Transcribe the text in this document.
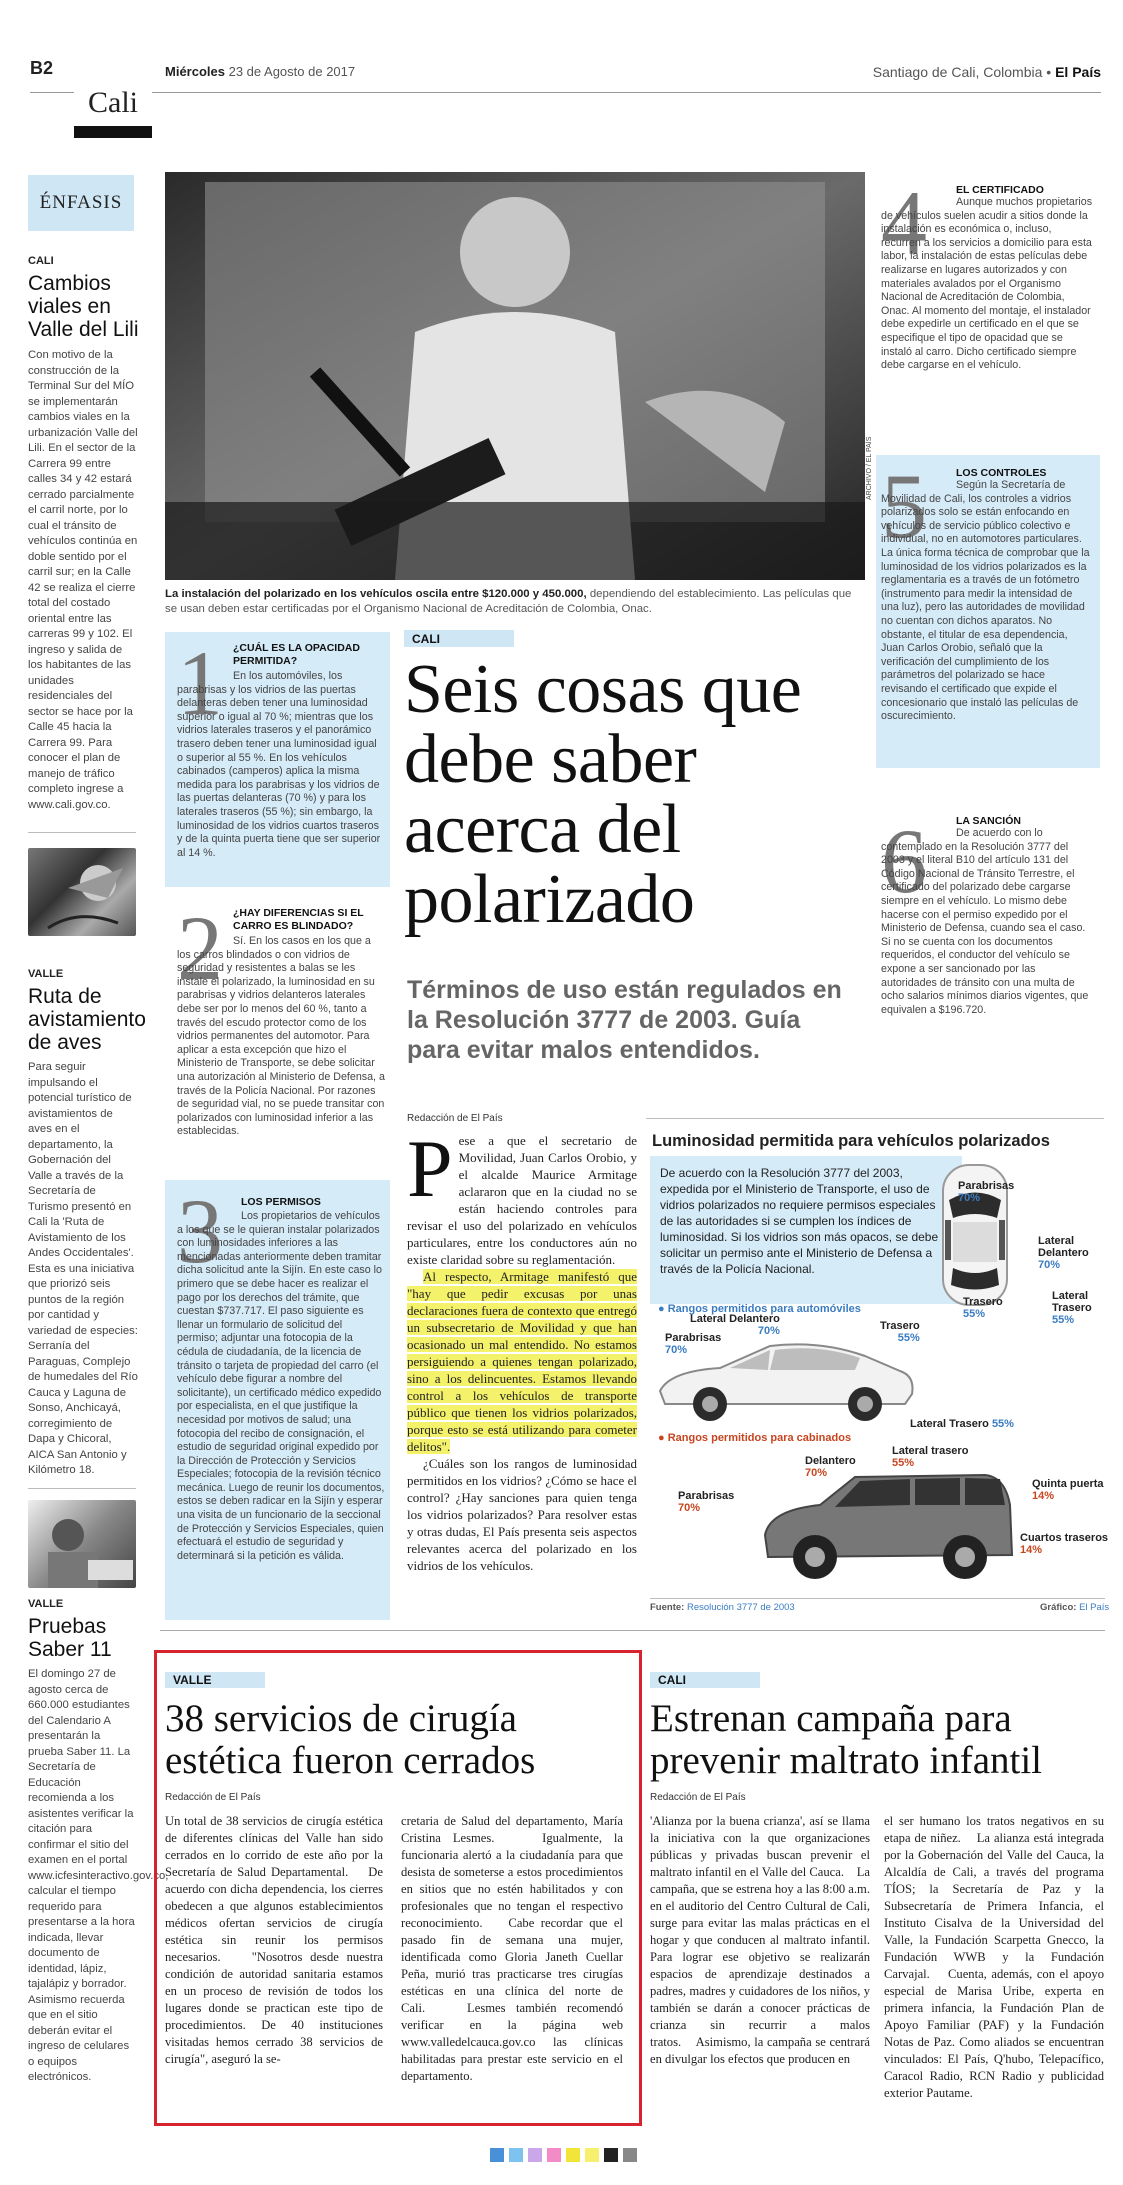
B2	Miércoles 23 de Agosto de 2017	Santiago de Cali, Colombia • El País
Cali
ÉNFASIS
CALI
Cambios viales en Valle del Lili
Con motivo de la construcción de la Terminal Sur del MÍO se implementarán cambios viales en la urbanización Valle del Lili. En el sector de la Carrera 99 entre calles 34 y 42 estará cerrado parcialmente el carril norte, por lo cual el tránsito de vehículos continúa en doble sentido por el carril sur; en la Calle 42 se realiza el cierre total del costado oriental entre las carreras 99 y 102. El ingreso y salida de los habitantes de las unidades residenciales del sector se hace por la Calle 45 hacia la Carrera 99. Para conocer el plan de manejo de tráfico completo ingrese a www.cali.gov.co.
VALLE
Ruta de avistamiento de aves
Para seguir impulsando el potencial turístico de avistamientos de aves en el departamento, la Gobernación del Valle a través de la Secretaría de Turismo presentó en Cali la 'Ruta de Avistamiento de los Andes Occidentales'. Esta es una iniciativa que priorizó seis puntos de la región por cantidad y variedad de especies: Serranía del Paraguas, Complejo de humedales del Río Cauca y Laguna de Sonso, Anchicayá, corregimiento de Dapa y Chicoral, AICA San Antonio y Kilómetro 18.
VALLE
Pruebas Saber 11
El domingo 27 de agosto cerca de 660.000 estudiantes del Calendario A presentarán la prueba Saber 11. La Secretaría de Educación recomienda a los asistentes verificar la citación para confirmar el sitio del examen en el portal www.icfesinteractivo.gov.co, calcular el tiempo requerido para presentarse a la hora indicada, llevar documento de identidad, lápiz, tajalápiz y borrador. Asimismo recuerda que en el sitio deberán evitar el ingreso de celulares o equipos electrónicos.
ARCHIVO / EL PAÍS
La instalación del polarizado en los vehículos oscila entre $120.000 y 450.000, dependiendo del establecimiento. Las películas que se usan deben estar certificadas por el Organismo Nacional de Acreditación de Colombia, Onac.
1 ¿CUÁL ES LA OPACIDAD PERMITIDA?
En los automóviles, los parabrisas y los vidrios de las puertas delanteras deben tener una luminosidad superior o igual al 70 %; mientras que los vidrios laterales traseros y el panorámico trasero deben tener una luminosidad igual o superior al 55 %. En los vehículos cabinados (camperos) aplica la misma medida para los parabrisas y los vidrios de las puertas delanteras (70 %) y para los laterales traseros (55 %); sin embargo, la luminosidad de los vidrios cuartos traseros y de la quinta puerta tiene que ser superior al 14 %.
2 ¿HAY DIFERENCIAS SI EL CARRO ES BLINDADO?
Sí. En los casos en los que a los carros blindados o con vidrios de seguridad y resistentes a balas se les instale el polarizado, la luminosidad en su parabrisas y vidrios delanteros laterales debe ser por lo menos del 60 %, tanto a través del escudo protector como de los vidrios permanentes del automotor. Para aplicar a esta excepción que hizo el Ministerio de Transporte, se debe solicitar una autorización al Ministerio de Defensa, a través de la Policía Nacional. Por razones de seguridad vial, no se puede transitar con polarizados con luminosidad inferior a las establecidas.
3 LOS PERMISOS
Los propietarios de vehículos a los que se le quieran instalar polarizados con luminosidades inferiores a las mencionadas anteriormente deben tramitar dicha solicitud ante la Sijín. En este caso lo primero que se debe hacer es realizar el pago por los derechos del trámite, que cuestan $737.717. El paso siguiente es llenar un formulario de solicitud del permiso; adjuntar una fotocopia de la cédula de ciudadanía, de la licencia de tránsito o tarjeta de propiedad del carro (el vehículo debe figurar a nombre del solicitante), un certificado médico expedido por especialista, en el que justifique la necesidad por motivos de salud; una fotocopia del recibo de consignación, el estudio de seguridad original expedido por la Dirección de Protección y Servicios Especiales; fotocopia de la revisión técnico mecánica. Luego de reunir los documentos, estos se deben radicar en la Sijín y esperar una visita de un funcionario de la seccional de Protección y Servicios Especiales, quien efectuará el estudio de seguridad y determinará si la petición es válida.
4	EL CERTIFICADO
Aunque muchos propietarios de vehículos suelen acudir a sitios donde la instalación es económica o, incluso, recurren a los servicios a domicilio para esta labor, la instalación de estas películas debe realizarse en lugares autorizados y con materiales avalados por el Organismo Nacional de Acreditación de Colombia, Onac. Al momento del montaje, el instalador debe expedirle un certificado en el que se especifique el tipo de opacidad que se instaló al carro. Dicho certificado siempre debe cargarse en el vehículo.
5	LOS CONTROLES
Según la Secretaría de Movilidad de Cali, los controles a vidrios polarizados solo se están enfocando en vehículos de servicio público colectivo e individual, no en automotores particulares. La única forma técnica de comprobar que la luminosidad de los vidrios polarizados es la reglamentaria es a través de un fotómetro (instrumento para medir la intensidad de una luz), pero las autoridades de movilidad no cuentan con dichos aparatos. No obstante, el titular de esa dependencia, Juan Carlos Orobio, señaló que la verificación del cumplimiento de los parámetros del polarizado se hace revisando el certificado que expide el concesionario que instaló las películas de oscurecimiento.
6	LA SANCIÓN
De acuerdo con lo contemplado en la Resolución 3777 del 2003 y el literal B10 del artículo 131 del Código Nacional de Tránsito Terrestre, el certificado del polarizado debe cargarse siempre en el vehículo. Lo mismo debe hacerse con el permiso expedido por el Ministerio de Defensa, cuando sea el caso. Si no se cuenta con los documentos requeridos, el conductor del vehículo se expone a ser sancionado por las autoridades de tránsito con una multa de ocho salarios mínimos diarios vigentes, que equivalen a $196.720.
CALI
Seis cosas que debe saber acerca del polarizado
Términos de uso están regulados en la Resolución 3777 de 2003. Guía para evitar malos entendidos.
Redacción de El País
P ese a que el secretario de Movilidad, Juan Carlos Orobio, y el alcalde Maurice Armitage aclararon que en la ciudad no se están haciendo controles para revisar el uso del polarizado en vehículos particulares, entre los conductores aún no existe claridad sobre su reglamentación.
Al respecto, Armitage manifestó que "hay que pedir excusas por unas declaraciones fuera de contexto que entregó un subsecretario de Movilidad y que han ocasionado un mal entendido. No estamos persiguiendo a quienes tengan polarizado, sino a los delincuentes. Estamos llevando control a los vehículos de transporte público que tienen los vidrios polarizados, porque esto se está utilizando para cometer delitos".
¿Cuáles son los rangos de luminosidad permitidos en los vidrios? ¿Cómo se hace el control? ¿Hay sanciones para quien tenga los vidrios polarizados? Para resolver estas y otras dudas, El País presenta seis aspectos relevantes acerca del polarizado en los vidrios de los vehículos.
Luminosidad permitida para vehículos polarizados
De acuerdo con la Resolución 3777 del 2003, expedida por el Ministerio de Transporte, el uso de vidrios polarizados no requiere permisos especiales de las autoridades si se cumplen los índices de luminosidad. Si los vidrios son más opacos, se debe solicitar un permiso ante el Ministerio de Defensa a través de la Policía Nacional.
Parabrisas
70%
Lateral Delantero
70%
Trasero
55%
Lateral Trasero
55%
● Rangos permitidos para automóviles
Lateral Delantero
70%
Parabrisas
70%
Trasero
55%
Lateral Trasero 55%
● Rangos permitidos para cabinados
Delantero
70%
Lateral trasero
55%
Parabrisas
70%
Quinta puerta
14%
Cuartos traseros
14%
Fuente: Resolución 3777 de 2003	Gráfico: El País
VALLE
38 servicios de cirugía estética fueron cerrados
Redacción de El País
Un total de 38 servicios de cirugía estética de diferentes clínicas del Valle han sido cerrados en lo corrido de este año por la Secretaría de Salud Departamental.    De acuerdo con dicha dependencia, los cierres obedecen a que algunos establecimientos médicos ofertan servicios de cirugía estética sin reunir los permisos necesarios.    "Nosotros desde nuestra condición de autoridad sanitaria estamos en un proceso de revisión de todos los lugares donde se practican este tipo de procedimientos. De 40 instituciones visitadas hemos cerrado 38 servicios de cirugía", aseguró la se-
cretaria de Salud del departamento, María Cristina Lesmes.    Igualmente, la funcionaria alertó a la ciudadanía para que desista de someterse a estos procedimientos en sitios que no estén habilitados y con profesionales que no tengan el respectivo reconocimiento.    Cabe recordar que el pasado fin de semana una mujer, identificada como Gloria Janeth Cuellar Peña, murió tras practicarse tres cirugías estéticas en una clínica del norte de Cali.    Lesmes también recomendó verificar en la página web www.valledelcauca.gov.co las clínicas habilitadas para prestar este servicio en el departamento.
CALI
Estrenan campaña para prevenir maltrato infantil
Redacción de El País
'Alianza por la buena crianza', así se llama la iniciativa con la que organizaciones públicas y privadas buscan prevenir el maltrato infantil en el Valle del Cauca.    La campaña, que se estrena hoy a las 8:00 a.m. en el auditorio del Centro Cultural de Cali, surge para evitar las malas prácticas en el hogar y que conducen al maltrato infantil. Para lograr ese objetivo se realizarán espacios de aprendizaje destinados a padres, madres y cuidadores de los niños, y también se darán a conocer prácticas de crianza sin recurrir a malos tratos.    Asimismo, la campaña se centrará en divulgar los efectos que producen en
el ser humano los tratos negativos en su etapa de niñez.    La alianza está integrada por la Gobernación del Valle del Cauca, la Alcaldía de Cali, a través del programa TÍOS; la Secretaría de Paz y la Subsecretaría de Primera Infancia, el Instituto Cisalva de la Universidad del Valle, la Fundación Scarpetta Gnecco, la Fundación WWB y la Fundación Carvajal.    Cuenta, además, con el apoyo especial de Marisa Uribe, experta en primera infancia, la Fundación Plan de Apoyo Familiar (PAF) y la Fundación Notas de Paz. Como aliados se encuentran vinculados: El País, Q'hubo, Telepacífico, Caracol Radio, RCN Radio y publicidad exterior Pautame.
